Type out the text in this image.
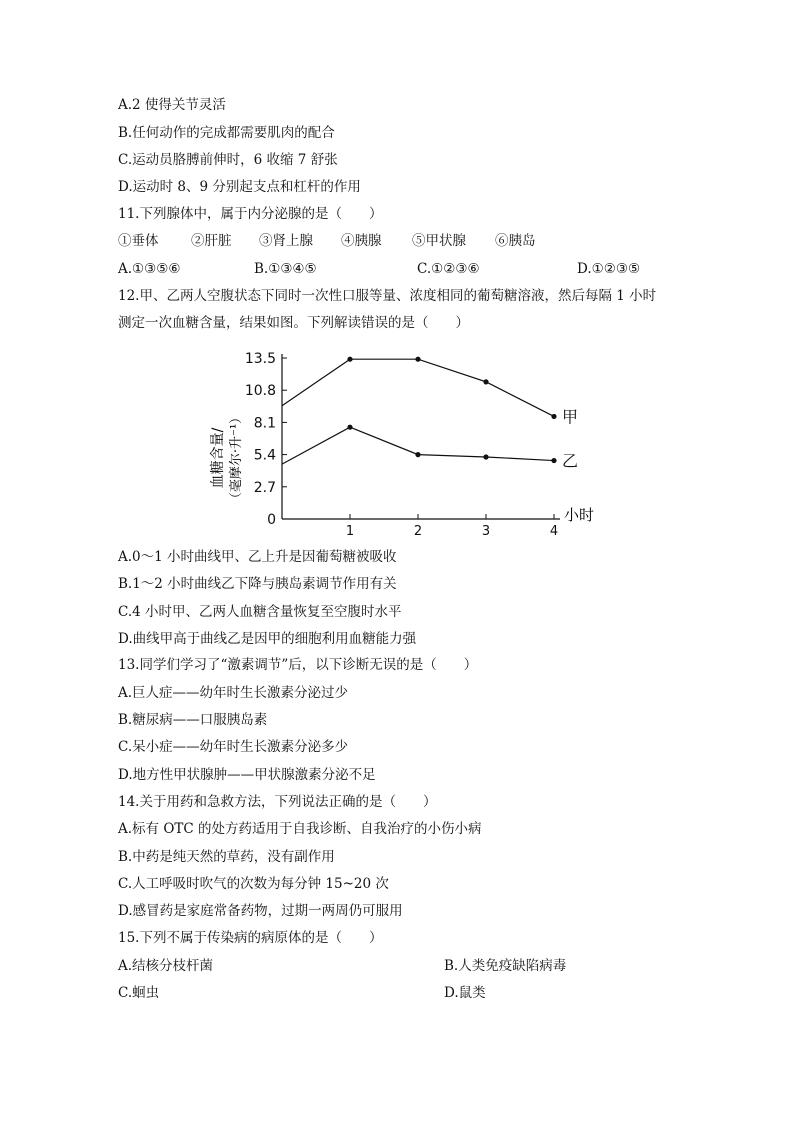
A.2 使得关节灵活
B.任何动作的完成都需要肌肉的配合
C.运动员胳膊前伸时，6 收缩 7 舒张
D.运动时 8、9 分别起支点和杠杆的作用
11.下列腺体中，属于内分泌腺的是（　　）
①垂体 ②肝脏 ③肾上腺 ④胰腺 ⑤甲状腺 ⑥胰岛
A.①③⑤⑥	B.①③④⑤	C.①②③⑥	D.①②③⑤
12.甲、乙两人空腹状态下同时一次性口服等量、浓度相同的葡萄糖溶液，然后每隔 1 小时
测定一次血糖含量，结果如图。下列解读错误的是（　　）
0
2.7
5.4
8.1
10.8
13.5
1	2	3	4
甲
乙
血糖含量/ （毫摩尔·升⁻¹）
小时
A.0～1 小时曲线甲、乙上升是因葡萄糖被吸收
B.1～2 小时曲线乙下降与胰岛素调节作用有关
C.4 小时甲、乙两人血糖含量恢复至空腹时水平
D.曲线甲高于曲线乙是因甲的细胞利用血糖能力强
13.同学们学习了“激素调节”后，以下诊断无误的是（　　）
A.巨人症——幼年时生长激素分泌过少
B.糖尿病——口服胰岛素
C.呆小症——幼年时生长激素分泌多少
D.地方性甲状腺肿——甲状腺激素分泌不足
14.关于用药和急救方法，下列说法正确的是（　　）
A.标有 OTC 的处方药适用于自我诊断、自我治疗的小伤小病
B.中药是纯天然的草药，没有副作用
C.人工呼吸时吹气的次数为每分钟 15~20 次
D.感冒药是家庭常备药物，过期一两周仍可服用
15.下列不属于传染病的病原体的是（　　）
A.结核分枝杆菌	B.人类免疫缺陷病毒
C.蛔虫	D.鼠类
